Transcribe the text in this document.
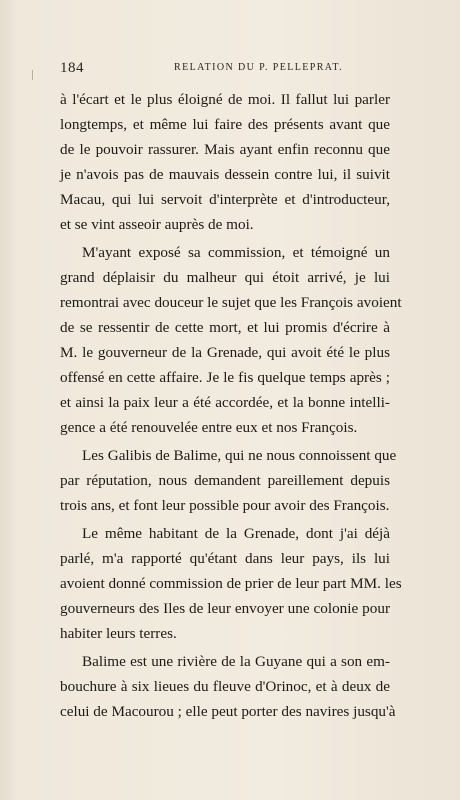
184	RELATION DU P. PELLEPRAT.
à l'écart et le plus éloigné de moi. Il fallut lui parler
longtemps, et même lui faire des présents avant que
de le pouvoir rassurer. Mais ayant enfin reconnu que
je n'avois pas de mauvais dessein contre lui, il suivit
Macau, qui lui servoit d'interprète et d'introducteur,
et se vint asseoir auprès de moi.
M'ayant exposé sa commission, et témoigné un
grand déplaisir du malheur qui étoit arrivé, je lui
remontrai avec douceur le sujet que les François avoient
de se ressentir de cette mort, et lui promis d'écrire à
M. le gouverneur de la Grenade, qui avoit été le plus
offensé en cette affaire. Je le fis quelque temps après ;
et ainsi la paix leur a été accordée, et la bonne intelli-
gence a été renouvelée entre eux et nos François.
Les Galibis de Balime, qui ne nous connoissent que
par réputation, nous demandent pareillement depuis
trois ans, et font leur possible pour avoir des François.
Le même habitant de la Grenade, dont j'ai déjà
parlé, m'a rapporté qu'étant dans leur pays, ils lui
avoient donné commission de prier de leur part MM. les
gouverneurs des Iles de leur envoyer une colonie pour
habiter leurs terres.
Balime est une rivière de la Guyane qui a son em-
bouchure à six lieues du fleuve d'Orinoc, et à deux de
celui de Macourou ; elle peut porter des navires jusqu'à
